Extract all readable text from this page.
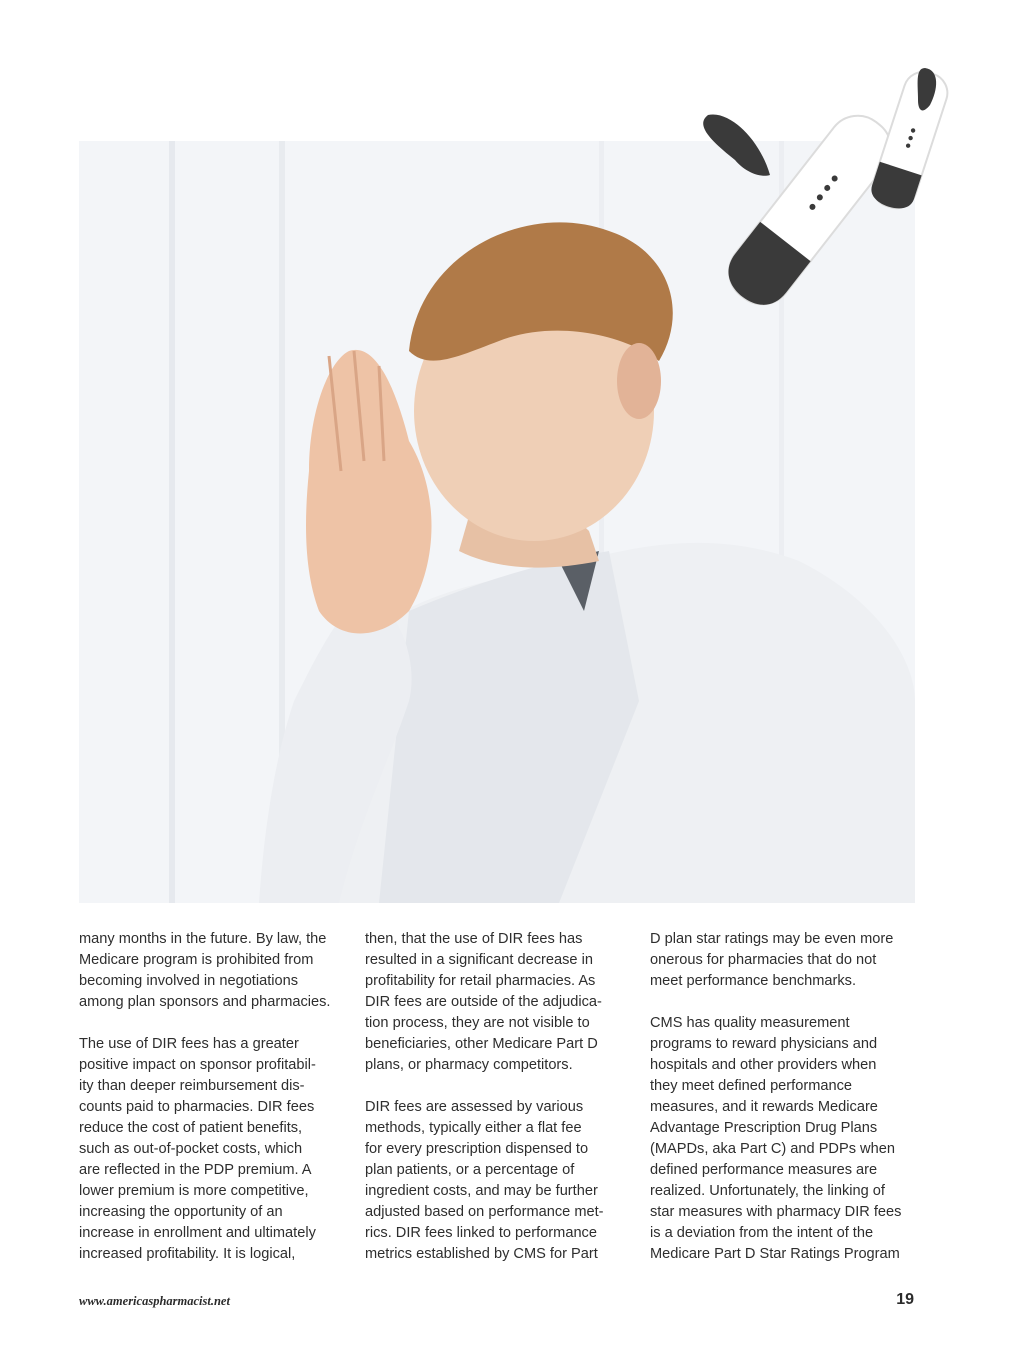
many months in the future. By law, the
Medicare program is prohibited from
becoming involved in negotiations
among plan sponsors and pharmacies.

The use of DIR fees has a greater
positive impact on sponsor profitabil-
ity than deeper reimbursement dis-
counts paid to pharmacies. DIR fees
reduce the cost of patient benefits,
such as out-of-pocket costs, which
are reflected in the PDP premium. A
lower premium is more competitive,
increasing the opportunity of an
increase in enrollment and ultimately
increased profitability. It is logical,

then, that the use of DIR fees has
resulted in a significant decrease in
profitability for retail pharmacies. As
DIR fees are outside of the adjudica-
tion process, they are not visible to
beneficiaries, other Medicare Part D
plans, or pharmacy competitors.

DIR fees are assessed by various
methods, typically either a flat fee
for every prescription dispensed to
plan patients, or a percentage of
ingredient costs, and may be further
adjusted based on performance met-
rics. DIR fees linked to performance
metrics established by CMS for Part

D plan star ratings may be even more
onerous for pharmacies that do not
meet performance benchmarks.

CMS has quality measurement
programs to reward physicians and
hospitals and other providers when
they meet defined performance
measures, and it rewards Medicare
Advantage Prescription Drug Plans
(MAPDs, aka Part C) and PDPs when
defined performance measures are
realized. Unfortunately, the linking of
star measures with pharmacy DIR fees
is a deviation from the intent of the
Medicare Part D Star Ratings Program

www.americaspharmacist.net	19
